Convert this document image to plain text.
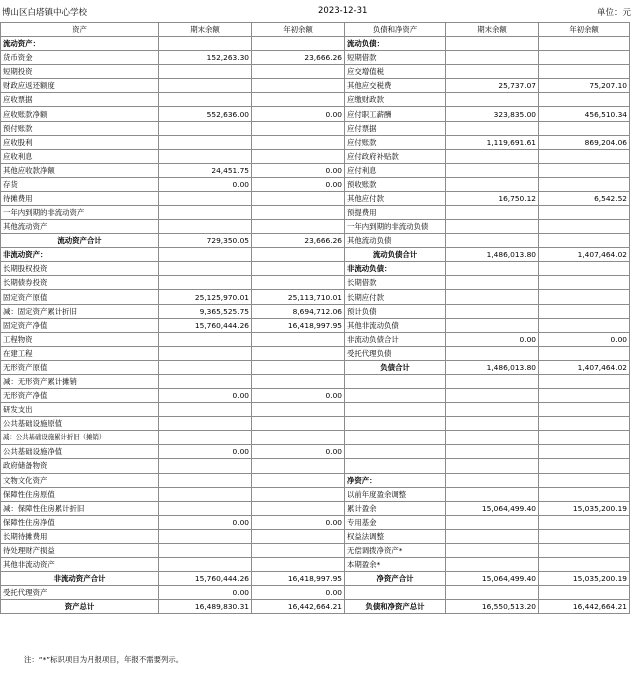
博山区白塔镇中心学校	2023-12-31	单位：元
资产	期末余额	年初余额	负债和净资产	期末余额	年初余额
流动资产：			流动负债：		
货币资金	152,263.30	23,666.26	短期借款		
短期投资			应交增值税		
财政应返还额度			其他应交税费	25,737.07	75,207.10
应收票据			应缴财政款		
应收账款净额	552,636.00	0.00	应付职工薪酬	323,835.00	456,510.34
预付账款			应付票据		
应收股利			应付账款	1,119,691.61	869,204.06
应收利息			应付政府补贴款		
其他应收款净额	24,451.75	0.00	应付利息		
存货	0.00	0.00	预收账款		
待摊费用			其他应付款	16,750.12	6,542.52
一年内到期的非流动资产			预提费用		
其他流动资产			一年内到期的非流动负债		
流动资产合计	729,350.05	23,666.26	其他流动负债		
非流动资产：			流动负债合计	1,486,013.80	1,407,464.02
长期股权投资			非流动负债：		
长期债券投资			长期借款		
固定资产原值	25,125,970.01	25,113,710.01	长期应付款		
减：固定资产累计折旧	9,365,525.75	8,694,712.06	预计负债		
固定资产净值	15,760,444.26	16,418,997.95	其他非流动负债		
工程物资			非流动负债合计	0.00	0.00
在建工程			受托代理负债		
无形资产原值			负债合计	1,486,013.80	1,407,464.02
减：无形资产累计摊销					
无形资产净值	0.00	0.00			
研发支出					
公共基础设施原值					
减：公共基础设施累计折旧（摊销）					
公共基础设施净值	0.00	0.00			
政府储备物资					
文物文化资产			净资产：		
保障性住房原值			以前年度盈余调整		
减：保障性住房累计折旧			累计盈余	15,064,499.40	15,035,200.19
保障性住房净值	0.00	0.00	专用基金		
长期待摊费用			权益法调整		
待处理财产损益			无偿调拨净资产*		
其他非流动资产			本期盈余*		
非流动资产合计	15,760,444.26	16,418,997.95	净资产合计	15,064,499.40	15,035,200.19
受托代理资产	0.00	0.00			
资产总计	16,489,830.31	16,442,664.21	负债和净资产总计	16,550,513.20	16,442,664.21
注：“*”标识项目为月报项目，年报不需要列示。
